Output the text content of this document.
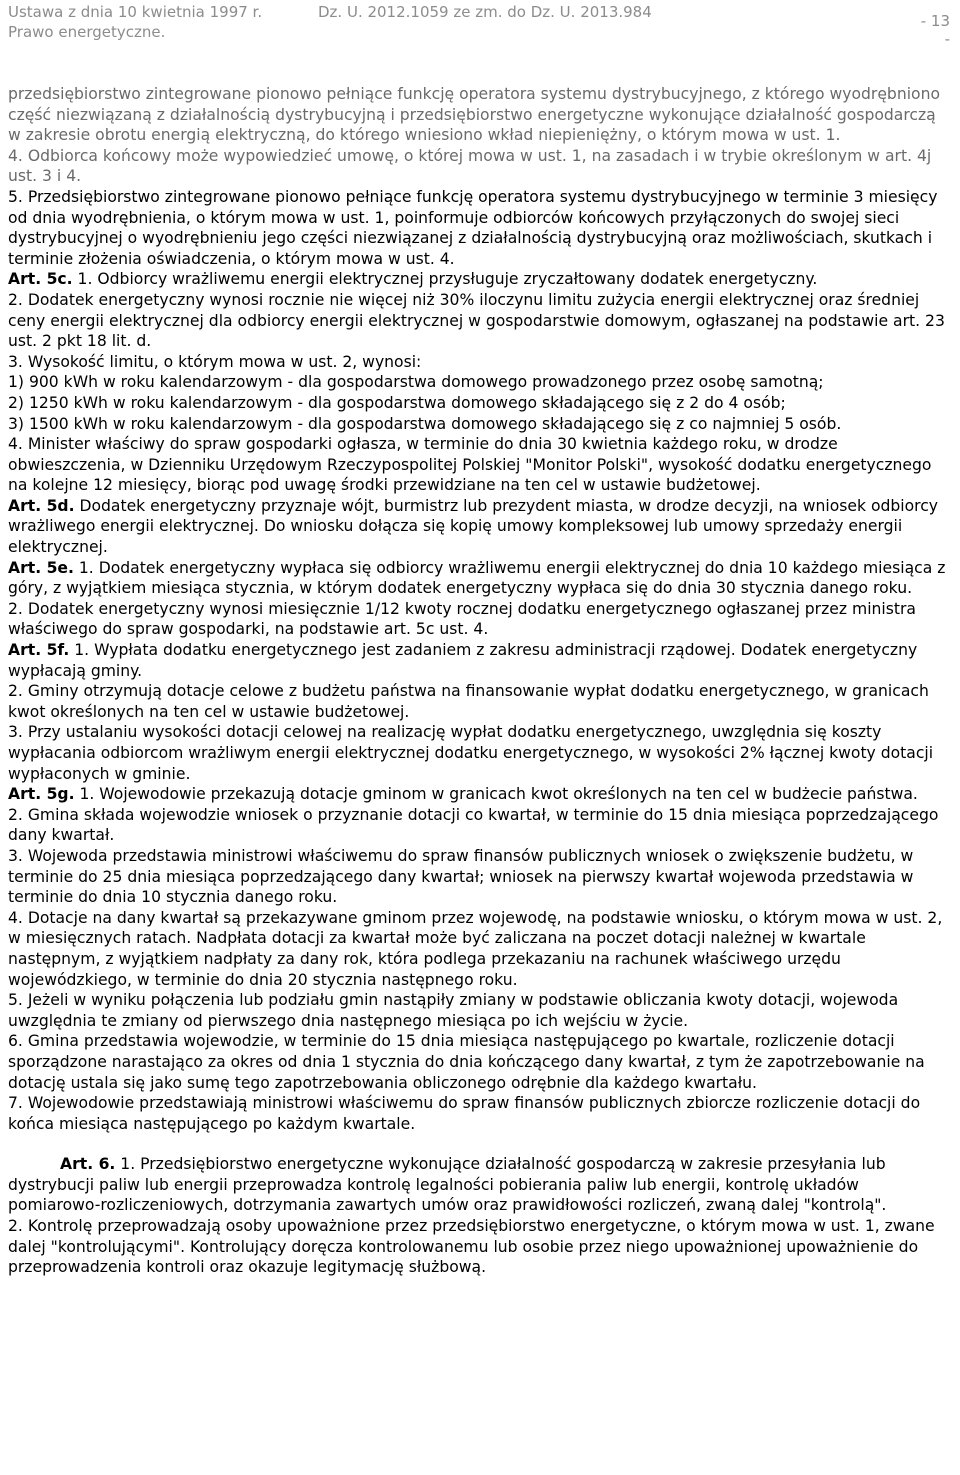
Ustawa z dnia 10 kwietnia 1997 r. Prawo energetyczne.
Dz. U. 2012.1059 ze zm. do Dz. U. 2013.984	- 13
-

przedsiębiorstwo zintegrowane pionowo pełniące funkcję operatora systemu dystrybucyjnego, z którego wyodrębniono część niezwiązaną z działalnością dystrybucyjną i przedsiębiorstwo energetyczne wykonujące działalność gospodarczą w zakresie obrotu energią elektryczną, do którego wniesiono wkład niepieniężny, o którym mowa w ust. 1.

4. Odbiorca końcowy może wypowiedzieć umowę, o której mowa w ust. 1, na zasadach i w trybie określonym w art. 4j ust. 3 i 4.

5. Przedsiębiorstwo zintegrowane pionowo pełniące funkcję operatora systemu dystrybucyjnego w terminie 3 miesięcy od dnia wyodrębnienia, o którym mowa w ust. 1, poinformuje odbiorców końcowych przyłączonych do swojej sieci dystrybucyjnej o wyodrębnieniu jego części niezwiązanej z działalnością dystrybucyjną oraz możliwościach, skutkach i terminie złożenia oświadczenia, o którym mowa w ust. 4.

Art. 5c. 1. Odbiorcy wrażliwemu energii elektrycznej przysługuje zryczałtowany dodatek energetyczny.

2. Dodatek energetyczny wynosi rocznie nie więcej niż 30% iloczynu limitu zużycia energii elektrycznej oraz średniej ceny energii elektrycznej dla odbiorcy energii elektrycznej w gospodarstwie domowym, ogłaszanej na podstawie art. 23 ust. 2 pkt 18 lit. d.

3. Wysokość limitu, o którym mowa w ust. 2, wynosi:

1) 900 kWh w roku kalendarzowym - dla gospodarstwa domowego prowadzonego przez osobę samotną;

2) 1250 kWh w roku kalendarzowym - dla gospodarstwa domowego składającego się z 2 do 4 osób;

3) 1500 kWh w roku kalendarzowym - dla gospodarstwa domowego składającego się z co najmniej 5 osób.

4. Minister właściwy do spraw gospodarki ogłasza, w terminie do dnia 30 kwietnia każdego roku, w drodze obwieszczenia, w Dzienniku Urzędowym Rzeczypospolitej Polskiej "Monitor Polski", wysokość dodatku energetycznego na kolejne 12 miesięcy, biorąc pod uwagę środki przewidziane na ten cel w ustawie budżetowej.

Art. 5d. Dodatek energetyczny przyznaje wójt, burmistrz lub prezydent miasta, w drodze decyzji, na wniosek odbiorcy wrażliwego energii elektrycznej. Do wniosku dołącza się kopię umowy kompleksowej lub umowy sprzedaży energii elektrycznej.

Art. 5e. 1. Dodatek energetyczny wypłaca się odbiorcy wrażliwemu energii elektrycznej do dnia 10 każdego miesiąca z góry, z wyjątkiem miesiąca stycznia, w którym dodatek energetyczny wypłaca się do dnia 30 stycznia danego roku.

2. Dodatek energetyczny wynosi miesięcznie 1/12 kwoty rocznej dodatku energetycznego ogłaszanej przez ministra właściwego do spraw gospodarki, na podstawie art. 5c ust. 4.

Art. 5f. 1. Wypłata dodatku energetycznego jest zadaniem z zakresu administracji rządowej. Dodatek energetyczny wypłacają gminy.

2. Gminy otrzymują dotacje celowe z budżetu państwa na finansowanie wypłat dodatku energetycznego, w granicach kwot określonych na ten cel w ustawie budżetowej.

3. Przy ustalaniu wysokości dotacji celowej na realizację wypłat dodatku energetycznego, uwzględnia się koszty wypłacania odbiorcom wrażliwym energii elektrycznej dodatku energetycznego, w wysokości 2% łącznej kwoty dotacji wypłaconych w gminie.

Art. 5g. 1. Wojewodowie przekazują dotacje gminom w granicach kwot określonych na ten cel w budżecie państwa.

2. Gmina składa wojewodzie wniosek o przyznanie dotacji co kwartał, w terminie do 15 dnia miesiąca poprzedzającego dany kwartał.

3. Wojewoda przedstawia ministrowi właściwemu do spraw finansów publicznych wniosek o zwiększenie budżetu, w terminie do 25 dnia miesiąca poprzedzającego dany kwartał; wniosek na pierwszy kwartał wojewoda przedstawia w terminie do dnia 10 stycznia danego roku.

4. Dotacje na dany kwartał są przekazywane gminom przez wojewodę, na podstawie wniosku, o którym mowa w ust. 2, w miesięcznych ratach. Nadpłata dotacji za kwartał może być zaliczana na poczet dotacji należnej w kwartale następnym, z wyjątkiem nadpłaty za dany rok, która podlega przekazaniu na rachunek właściwego urzędu wojewódzkiego, w terminie do dnia 20 stycznia następnego roku.

5. Jeżeli w wyniku połączenia lub podziału gmin nastąpiły zmiany w podstawie obliczania kwoty dotacji, wojewoda uwzględnia te zmiany od pierwszego dnia następnego miesiąca po ich wejściu w życie.

6. Gmina przedstawia wojewodzie, w terminie do 15 dnia miesiąca następującego po kwartale, rozliczenie dotacji sporządzone narastająco za okres od dnia 1 stycznia do dnia kończącego dany kwartał, z tym że zapotrzebowanie na dotację ustala się jako sumę tego zapotrzebowania obliczonego odrębnie dla każdego kwartału.

7. Wojewodowie przedstawiają ministrowi właściwemu do spraw finansów publicznych zbiorcze rozliczenie dotacji do końca miesiąca następującego po każdym kwartale.

Art. 6. 1. Przedsiębiorstwo energetyczne wykonujące działalność gospodarczą w zakresie przesyłania lub dystrybucji paliw lub energii przeprowadza kontrolę legalności pobierania paliw lub energii, kontrolę układów pomiarowo-rozliczeniowych, dotrzymania zawartych umów oraz prawidłowości rozliczeń, zwaną dalej "kontrolą".

2. Kontrolę przeprowadzają osoby upoważnione przez przedsiębiorstwo energetyczne, o którym mowa w ust. 1, zwane dalej "kontrolującymi". Kontrolujący doręcza kontrolowanemu lub osobie przez niego upoważnionej upoważnienie do przeprowadzenia kontroli oraz okazuje legitymację służbową.
